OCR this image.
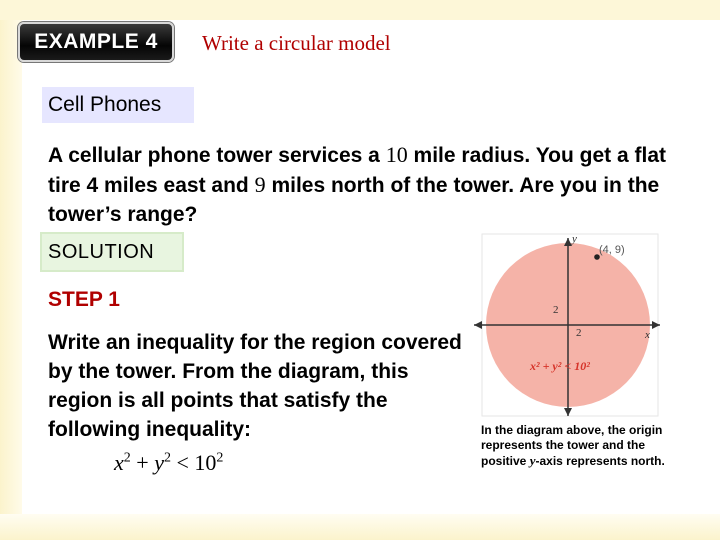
EXAMPLE 4	Write a circular model
Cell Phones
A cellular phone tower services a 10 mile radius. You get a flat tire 4 miles east and 9 miles north of the tower. Are you in the tower’s range?
SOLUTION
STEP 1
Write an inequality for the region covered by the tower. From the diagram, this region is all points that satisfy the following inequality:
$x^2 + y^2 < 10^2$
(4, 9)
y
x
2
2
x² + y² < 10²
In the diagram above, the origin represents the tower and the positive y-axis represents north.
